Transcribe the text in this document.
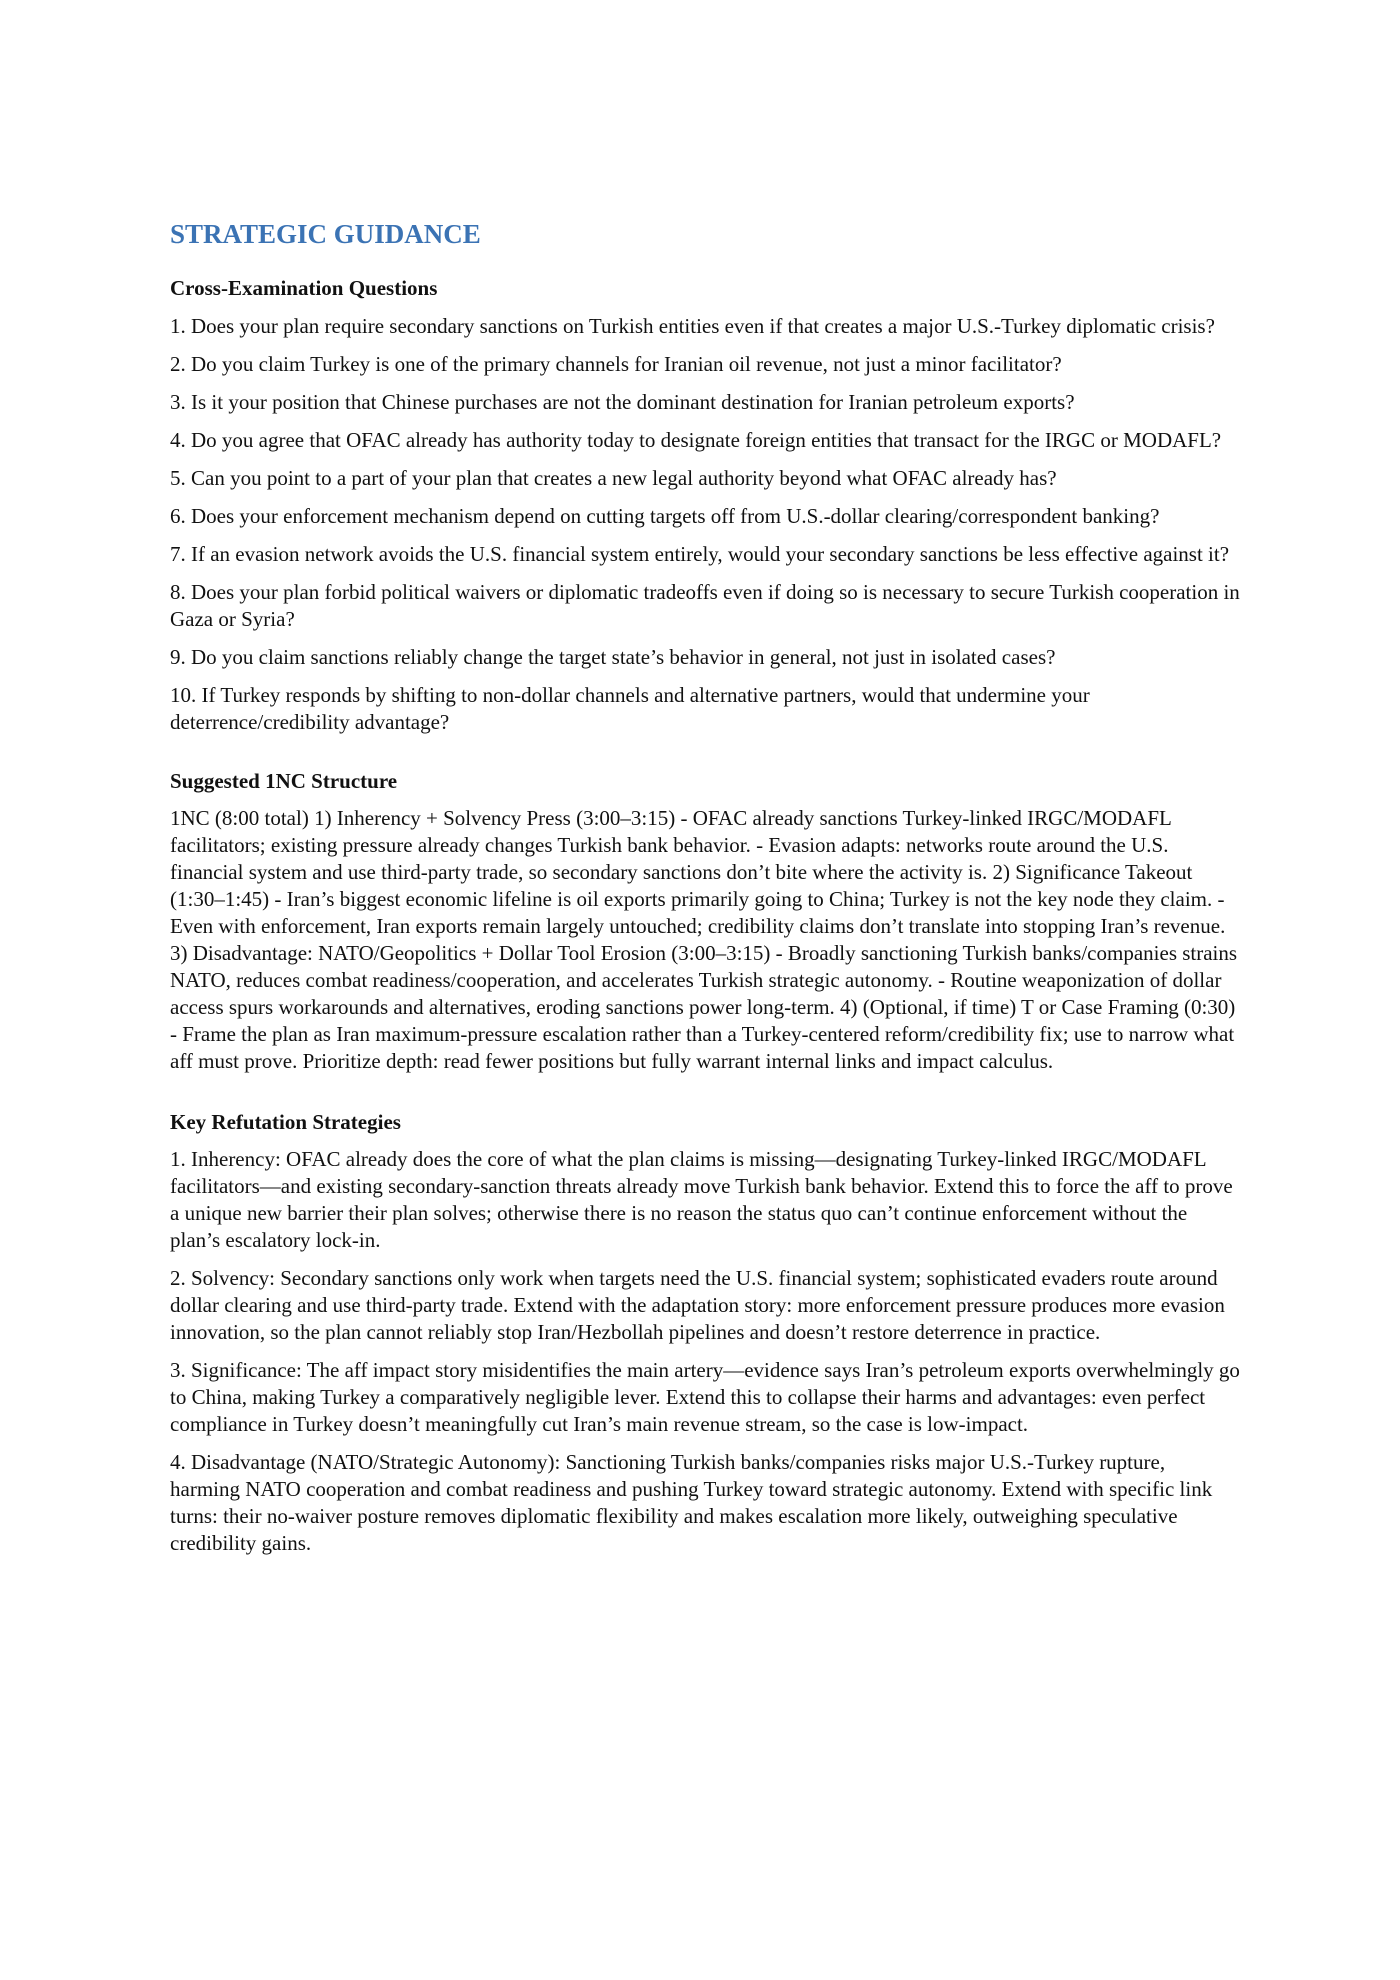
STRATEGIC GUIDANCE
Cross-Examination Questions

1. Does your plan require secondary sanctions on Turkish entities even if that creates a major U.S.-Turkey diplomatic crisis?

2. Do you claim Turkey is one of the primary channels for Iranian oil revenue, not just a minor facilitator?

3. Is it your position that Chinese purchases are not the dominant destination for Iranian petroleum exports?

4. Do you agree that OFAC already has authority today to designate foreign entities that transact for the IRGC or MODAFL?

5. Can you point to a part of your plan that creates a new legal authority beyond what OFAC already has?

6. Does your enforcement mechanism depend on cutting targets off from U.S.-dollar clearing/correspondent banking?

7. If an evasion network avoids the U.S. financial system entirely, would your secondary sanctions be less effective against it?

8. Does your plan forbid political waivers or diplomatic tradeoffs even if doing so is necessary to secure Turkish cooperation in Gaza or Syria?

9. Do you claim sanctions reliably change the target state’s behavior in general, not just in isolated cases?

10. If Turkey responds by shifting to non-dollar channels and alternative partners, would that undermine your deterrence/credibility advantage?

Suggested 1NC Structure

1NC (8:00 total) 1) Inherency + Solvency Press (3:00–3:15) - OFAC already sanctions Turkey-linked IRGC/MODAFL facilitators; existing pressure already changes Turkish bank behavior. - Evasion adapts: networks route around the U.S. financial system and use third-party trade, so secondary sanctions don’t bite where the activity is. 2) Significance Takeout (1:30–1:45) - Iran’s biggest economic lifeline is oil exports primarily going to China; Turkey is not the key node they claim. - Even with enforcement, Iran exports remain largely untouched; credibility claims don’t translate into stopping Iran’s revenue. 3) Disadvantage: NATO/Geopolitics + Dollar Tool Erosion (3:00–3:15) - Broadly sanctioning Turkish banks/companies strains NATO, reduces combat readiness/cooperation, and accelerates Turkish strategic autonomy. - Routine weaponization of dollar access spurs workarounds and alternatives, eroding sanctions power long-term. 4) (Optional, if time) T or Case Framing (0:30) - Frame the plan as Iran maximum-pressure escalation rather than a Turkey-centered reform/credibility fix; use to narrow what aff must prove. Prioritize depth: read fewer positions but fully warrant internal links and impact calculus.

Key Refutation Strategies

1. Inherency: OFAC already does the core of what the plan claims is missing—designating Turkey-linked IRGC/MODAFL facilitators—and existing secondary-sanction threats already move Turkish bank behavior. Extend this to force the aff to prove a unique new barrier their plan solves; otherwise there is no reason the status quo can’t continue enforcement without the plan’s escalatory lock-in.

2. Solvency: Secondary sanctions only work when targets need the U.S. financial system; sophisticated evaders route around dollar clearing and use third-party trade. Extend with the adaptation story: more enforcement pressure produces more evasion innovation, so the plan cannot reliably stop Iran/Hezbollah pipelines and doesn’t restore deterrence in practice.

3. Significance: The aff impact story misidentifies the main artery—evidence says Iran’s petroleum exports overwhelmingly go to China, making Turkey a comparatively negligible lever. Extend this to collapse their harms and advantages: even perfect compliance in Turkey doesn’t meaningfully cut Iran’s main revenue stream, so the case is low-impact.

4. Disadvantage (NATO/Strategic Autonomy): Sanctioning Turkish banks/companies risks major U.S.-Turkey rupture, harming NATO cooperation and combat readiness and pushing Turkey toward strategic autonomy. Extend with specific link turns: their no-waiver posture removes diplomatic flexibility and makes escalation more likely, outweighing speculative credibility gains.
